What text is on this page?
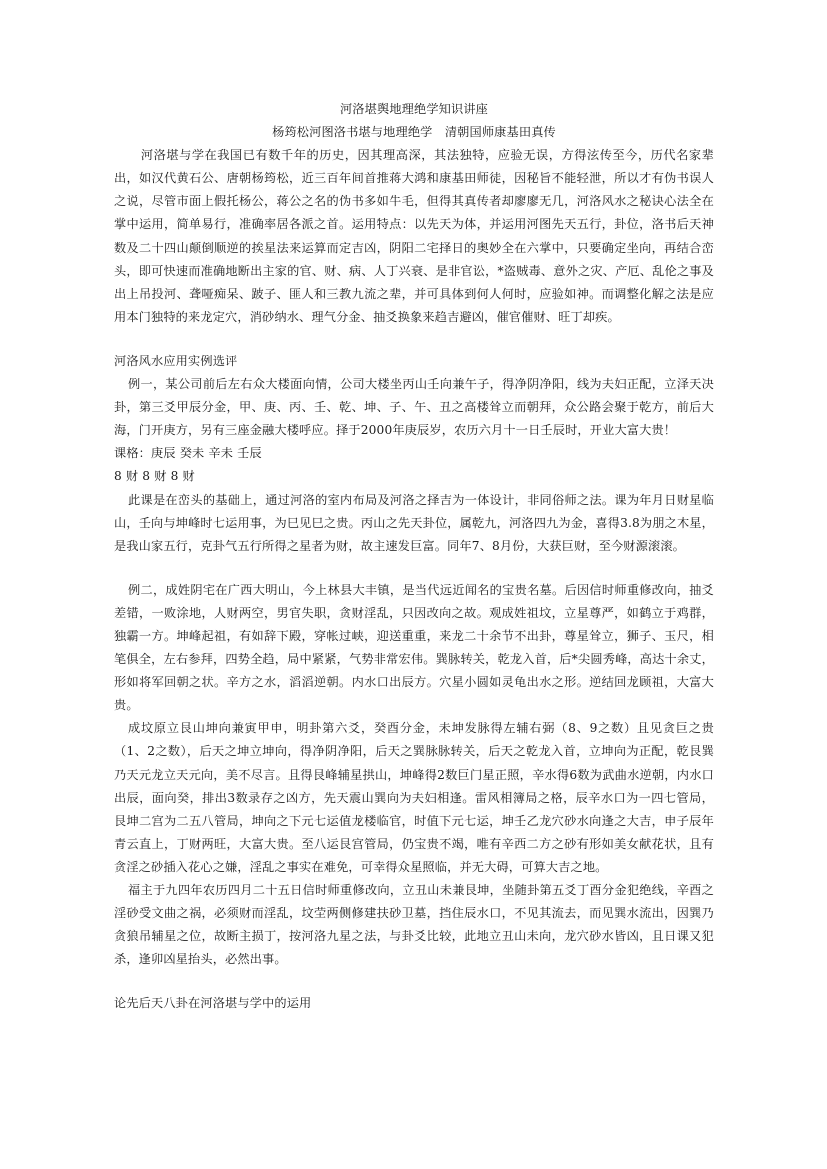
河洛堪舆地理绝学知识讲座

杨筠松河图洛书堪与地理绝学　清朝国师康基田真传

河洛堪与学在我国已有数千年的历史，因其理高深，其法独特，应验无误，方得泫传至今，历代名家辈出，如汉代黄石公、唐朝杨筠松，近三百年间首推蒋大鸿和康基田师徒，因秘旨不能轻泄，所以才有伪书误人之说，尽管市面上假托杨公，蒋公之名的伪书多如牛毛，但得其真传者却廖廖无几，河洛风水之秘诀心法全在掌中运用，简单易行，准确率居各派之首。运用特点：以先天为体，并运用河图先天五行，卦位，洛书后天神数及二十四山颠倒顺逆的挨星法来运算而定吉凶，阴阳二宅择日的奥妙全在六掌中，只要确定坐向，再结合峦头，即可快速而准确地断出主家的官、财、病、人丁兴衰、是非官讼，*盗贼毒、意外之灾、产厄、乱伦之事及出上吊投河、聋哑痴呆、跛子、匪人和三教九流之辈，并可具体到何人何时，应验如神。而调整化解之法是应用本门独特的来龙定穴，消砂纳水、理气分金、抽爻换象来趋吉避凶，催官催财、旺丁却疾。

河洛风水应用实例选评

例一，某公司前后左右众大楼面向情，公司大楼坐丙山壬向兼午子，得净阴净阳，线为夫妇正配，立泽天决卦，第三爻甲辰分金，甲、庚、丙、壬、乾、坤、子、午、丑之高楼耸立而朝拜，众公路会聚于乾方，前后大海，门开庚方，另有三座金融大楼呼应。择于2000年庚辰岁，农历六月十一日壬辰时，开业大富大贵！

课格：庚辰 癸未 辛未 壬辰

8 财 8 财 8 财

此课是在峦头的基础上，通过河洛的室内布局及河洛之择吉为一体设计，非同俗师之法。课为年月日财星临山，壬向与坤峰时七运用事，为巳见巳之贵。丙山之先天卦位，属乾九，河洛四九为金，喜得3.8为朋之木星，是我山家五行，克卦气五行所得之星者为财，故主速发巨富。同年7、8月份，大获巨财，至今财源滚滚。

例二，成姓阴宅在广西大明山，今上林县大丰镇，是当代远近闻名的宝贵名墓。后因信时师重修改向，抽爻差错，一败涂地，人财两空，男官失职，贪财淫乱，只因改向之故。观成姓祖坟，立星尊严，如鹤立于鸡群，独霸一方。坤峰起祖，有如辞下殿，穿帐过峡，迎送重重，来龙二十余节不出卦，尊星耸立，狮子、玉尺，相笔俱全，左右参拜，四势全趋，局中紧紧，气势非常宏伟。巽脉转关，乾龙入首，后*尖圆秀峰，高达十余丈，形如将军回朝之状。辛方之水，滔滔逆朝。内水口出辰方。穴星小圆如灵龟出水之形。逆结回龙顾祖，大富大贵。

成坟原立艮山坤向兼寅甲申，明卦第六爻，癸酉分金，未坤发脉得左辅右弼（8、9之数）且见贪巨之贵（1、2之数），后天之坤立坤向，得净阴净阳，后天之巽脉脉转关，后天之乾龙入首，立坤向为正配，乾艮巽乃天元龙立天元向，美不尽言。且得艮峰辅星拱山，坤峰得2数巨门星正照，辛水得6数为武曲水逆朝，内水口出辰，面向癸，排出3数录存之凶方，先天震山巽向为夫妇相逢。雷风相簿局之格，辰辛水口为一四七管局，艮坤二宫为二五八管局，坤向之下元七运值龙楼临官，时值下元七运，坤壬乙龙穴砂水向逢之大吉，申子辰年青云直上，丁财两旺，大富大贵。至八运艮宫管局，仍宝贵不竭，唯有辛西二方之砂有形如美女献花状，且有贪淫之砂插入花心之嫌，淫乱之事实在难免，可幸得众星照临，并无大碍，可算大吉之地。

福主于九四年农历四月二十五日信时师重修改向，立丑山未兼艮坤，坐随卦第五爻丁酉分金犯绝线，辛酉之淫砂受文曲之祸，必须财而淫乱，坟茔两侧修建扶砂卫墓，挡住辰水口，不见其流去，而见巽水流出，因巽乃贪狼吊辅星之位，故断主损丁，按河洛九星之法，与卦爻比较，此地立丑山未向，龙穴砂水皆凶，且日课又犯杀，逢卯凶星抬头，必然出事。

论先后天八卦在河洛堪与学中的运用
